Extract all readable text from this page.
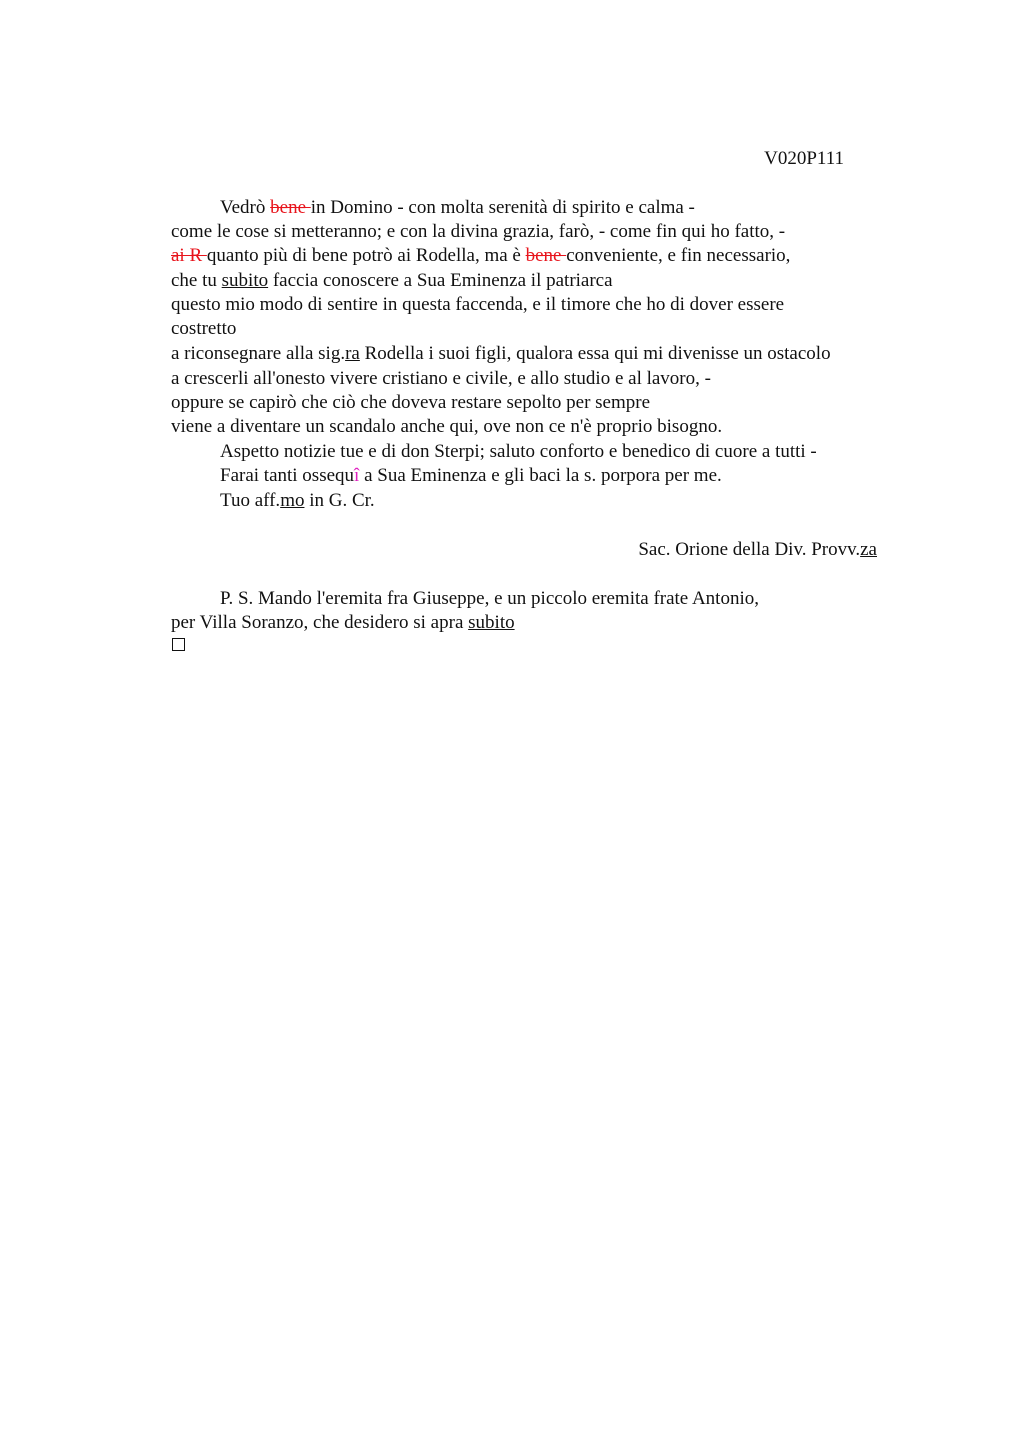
V020P111
Vedrò bene in Domino - con molta serenità di spirito e calma -
come le cose si metteranno; e con la divina grazia, farò, - come fin qui ho fatto, -
ai R quanto più di bene potrò ai Rodella, ma è bene conveniente, e fin necessario,
che tu subito faccia conoscere a Sua Eminenza il patriarca
questo mio modo di sentire in questa faccenda, e il timore che ho di dover essere
costretto
a riconsegnare alla sig.ra Rodella i suoi figli, qualora essa qui mi divenisse un ostacolo
a crescerli all'onesto vivere cristiano e civile, e allo studio e al lavoro, -
oppure se capirò che ciò che doveva restare sepolto per sempre
viene a diventare un scandalo anche qui, ove non ce n'è proprio bisogno.
Aspetto notizie tue e di don Sterpi; saluto conforto e benedico di cuore a tutti -
Farai tanti ossequî a Sua Eminenza e gli baci la s. porpora per me.
Tuo aff.mo in G. Cr.
Sac. Orione della Div. Provv.za
P. S. Mando l'eremita fra Giuseppe, e un piccolo eremita frate Antonio,
per Villa Soranzo, che desidero si apra subito
